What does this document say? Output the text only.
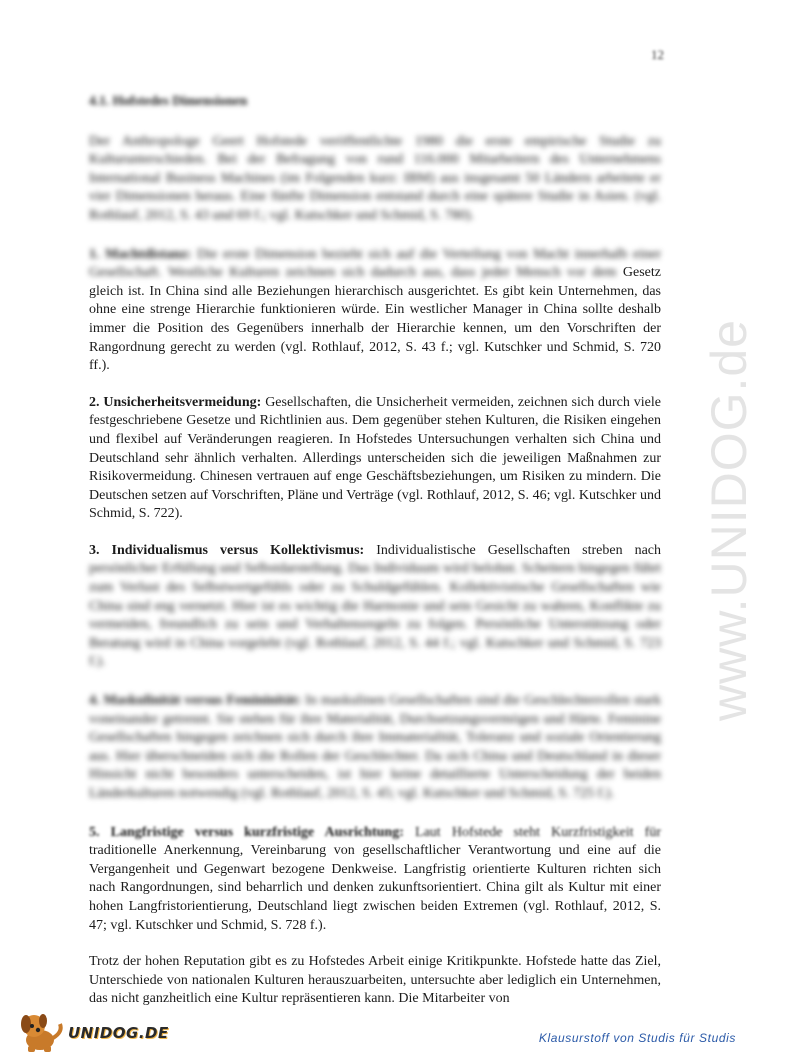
12
www.UNIDOG.de
4.1. Hofstedes Dimensionen

Der Anthropologe Geert Hofstede veröffentlichte 1980 die erste empirische Studie zu Kulturunterschieden. Bei der Befragung von rund 116.000 Mitarbeitern des Unternehmens International Business Machines (im Folgenden kurz: IBM) aus insgesamt 50 Ländern arbeitete er vier Dimensionen heraus. Eine fünfte Dimension entstand durch eine spätere Studie in Asien. (vgl. Rothlauf, 2012, S. 43 und 69 f.; vgl. Kutschker und Schmid, S. 780).

1. Machtdistanz: Die erste Dimension bezieht sich auf die Verteilung von Macht innerhalb einer Gesellschaft. Westliche Kulturen zeichnen sich dadurch aus, dass jeder Mensch vor dem Gesetz gleich ist. In China sind alle Beziehungen hierarchisch ausgerichtet. Es gibt kein Unternehmen, das ohne eine strenge Hierarchie funktionieren würde. Ein westlicher Manager in China sollte deshalb immer die Position des Gegenübers innerhalb der Hierarchie kennen, um den Vorschriften der Rangordnung gerecht zu werden (vgl. Rothlauf, 2012, S. 43 f.; vgl. Kutschker und Schmid, S. 720 ff.).

2. Unsicherheitsvermeidung: Gesellschaften, die Unsicherheit vermeiden, zeichnen sich durch viele festgeschriebene Gesetze und Richtlinien aus. Dem gegenüber stehen Kulturen, die Risiken eingehen und flexibel auf Veränderungen reagieren. In Hofstedes Untersuchungen verhalten sich China und Deutschland sehr ähnlich verhalten. Allerdings unterscheiden sich die jeweiligen Maßnahmen zur Risikovermeidung. Chinesen vertrauen auf enge Geschäftsbeziehungen, um Risiken zu mindern. Die Deutschen setzen auf Vorschriften, Pläne und Verträge (vgl. Rothlauf, 2012, S. 46; vgl. Kutschker und Schmid, S. 722).

3. Individualismus versus Kollektivismus: Individualistische Gesellschaften streben nach persönlicher Erfüllung und Selbstdarstellung. Das Individuum wird belohnt. Scheitern hingegen führt zum Verlust des Selbstwertgefühls oder zu Schuldgefühlen. Kollektivistische Gesellschaften wie China sind eng vernetzt. Hier ist es wichtig die Harmonie und sein Gesicht zu wahren, Konflikte zu vermeiden, freundlich zu sein und Verhaltensregeln zu folgen. Persönliche Unterstützung oder Beratung wird in China vorgelebt (vgl. Rothlauf, 2012, S. 44 f.; vgl. Kutschker und Schmid, S. 723 f.).

4. Maskulinität versus Femininität: In maskulinen Gesellschaften sind die Geschlechterrollen stark voneinander getrennt. Sie stehen für ihre Materialität, Durchsetzungsvermögen und Härte. Feminine Gesellschaften hingegen zeichnen sich durch ihre Immaterialität, Toleranz und soziale Orientierung aus. Hier überschneiden sich die Rollen der Geschlechter. Da sich China und Deutschland in dieser Hinsicht nicht besonders unterscheiden, ist hier keine detaillierte Unterscheidung der beiden Länderkulturen notwendig (vgl. Rothlauf, 2012, S. 45; vgl. Kutschker und Schmid, S. 725 f.).

5. Langfristige versus kurzfristige Ausrichtung: Laut Hofstede steht Kurzfristigkeit für traditionelle Anerkennung, Vereinbarung von gesellschaftlicher Verantwortung und eine auf die Vergangenheit und Gegenwart bezogene Denkweise. Langfristig orientierte Kulturen richten sich nach Rangordnungen, sind beharrlich und denken zukunftsorientiert. China gilt als Kultur mit einer hohen Langfristorientierung, Deutschland liegt zwischen beiden Extremen (vgl. Rothlauf, 2012, S. 47; vgl. Kutschker und Schmid, S. 728 f.).

Trotz der hohen Reputation gibt es zu Hofstedes Arbeit einige Kritikpunkte. Hofstede hatte das Ziel, Unterschiede von nationalen Kulturen herauszuarbeiten, untersuchte aber lediglich ein Unternehmen, das nicht ganzheitlich eine Kultur repräsentieren kann. Die Mitarbeiter von

UNIDOG.DE	Klausurstoff von Studis für Studis
